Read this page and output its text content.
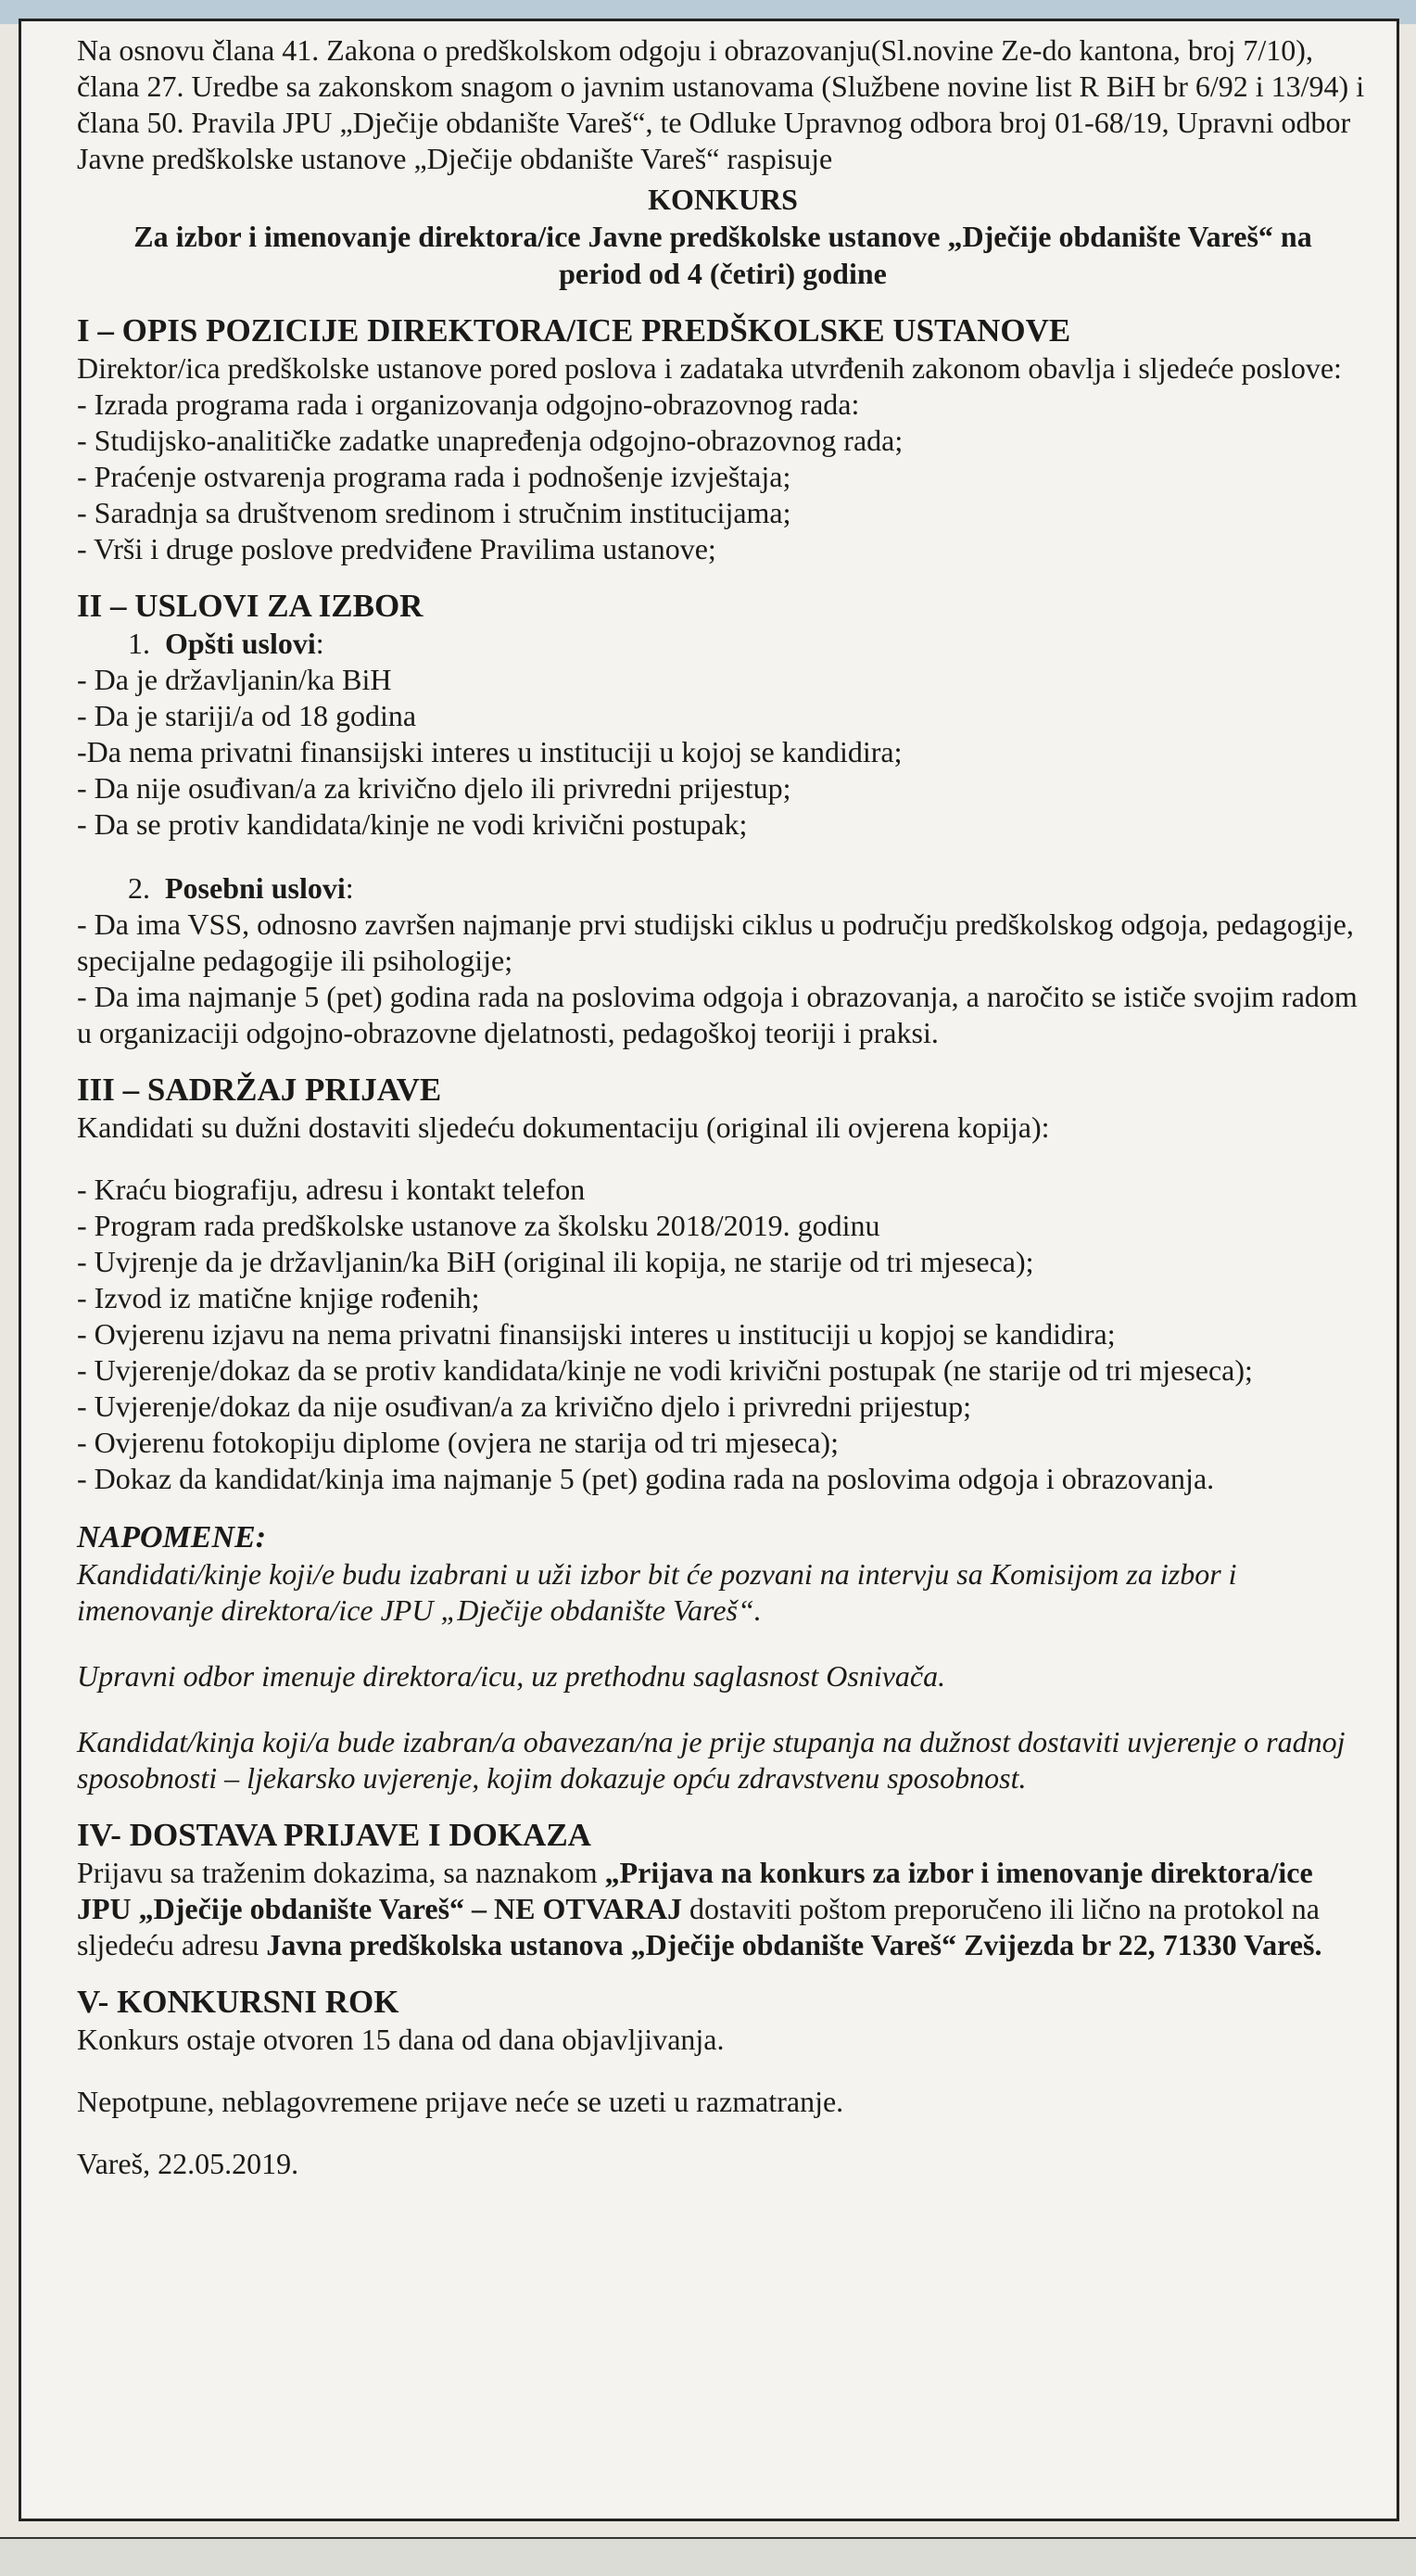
Na osnovu člana 41. Zakona o predškolskom odgoju i obrazovanju(Sl.novine Ze-do kantona, broj 7/10), člana 27. Uredbe sa zakonskom snagom o javnim ustanovama (Službene novine list R BiH br 6/92 i 13/94) i člana 50. Pravila JPU „Dječije obdanište Vareš“, te Odluke Upravnog odbora broj 01-68/19, Upravni odbor Javne predškolske ustanove „Dječije obdanište Vareš“ raspisuje

KONKURS

Za izbor i imenovanje direktora/ice Javne predškolske ustanove „Dječije obdanište Vareš“ na period od 4 (četiri) godine

I – OPIS POZICIJE DIREKTORA/ICE PREDŠKOLSKE USTANOVE

Direktor/ica predškolske ustanove pored poslova i zadataka utvrđenih zakonom obavlja i sljedeće poslove:

- Izrada programa rada i organizovanja odgojno-obrazovnog rada:

- Studijsko-analitičke zadatke unapređenja odgojno-obrazovnog rada;

- Praćenje ostvarenja programa rada i podnošenje izvještaja;

- Saradnja sa društvenom sredinom i stručnim institucijama;

- Vrši i druge poslove predviđene Pravilima ustanove;

II – USLOVI ZA IZBOR

1. Opšti uslovi:

- Da je državljanin/ka BiH

- Da je stariji/a od 18 godina

-Da nema privatni finansijski interes u instituciji u kojoj se kandidira;

- Da nije osuđivan/a za krivično djelo ili privredni prijestup;

- Da se protiv kandidata/kinje ne vodi krivični postupak;

2. Posebni uslovi:

- Da ima VSS, odnosno završen najmanje prvi studijski ciklus u području predškolskog odgoja, pedagogije, specijalne pedagogije ili psihologije;

- Da ima najmanje 5 (pet) godina rada na poslovima odgoja i obrazovanja, a naročito se ističe svojim radom u organizaciji odgojno-obrazovne djelatnosti, pedagoškoj teoriji i praksi.

III – SADRŽAJ PRIJAVE

Kandidati su dužni dostaviti sljedeću dokumentaciju (original ili ovjerena kopija):

- Kraću biografiju, adresu i kontakt telefon

- Program rada predškolske ustanove za školsku 2018/2019. godinu

- Uvjrenje da je državljanin/ka BiH (original ili kopija, ne starije od tri mjeseca);

- Izvod iz matične knjige rođenih;

- Ovjerenu izjavu na nema privatni finansijski interes u instituciji u kopjoj se kandidira;

- Uvjerenje/dokaz da se protiv kandidata/kinje ne vodi krivični postupak (ne starije od tri mjeseca);

- Uvjerenje/dokaz da nije osuđivan/a za krivično djelo i privredni prijestup;

- Ovjerenu fotokopiju diplome (ovjera ne starija od tri mjeseca);

- Dokaz da kandidat/kinja ima najmanje 5 (pet) godina rada na poslovima odgoja i obrazovanja.

NAPOMENE:

Kandidati/kinje koji/e budu izabrani u uži izbor bit će pozvani na intervju sa Komisijom za izbor i imenovanje direktora/ice JPU „Dječije obdanište Vareš“.

Upravni odbor imenuje direktora/icu, uz prethodnu saglasnost Osnivača.

Kandidat/kinja koji/a bude izabran/a obavezan/na je prije stupanja na dužnost dostaviti uvjerenje o radnoj sposobnosti – ljekarsko uvjerenje, kojim dokazuje opću zdravstvenu sposobnost.

IV- DOSTAVA PRIJAVE I DOKAZA

Prijavu sa traženim dokazima, sa naznakom „Prijava na konkurs za izbor i imenovanje direktora/ice JPU „Dječije obdanište Vareš“ – NE OTVARAJ dostaviti poštom preporučeno ili lično na protokol na sljedeću adresu Javna predškolska ustanova „Dječije obdanište Vareš“ Zvijezda br 22, 71330 Vareš.

V- KONKURSNI ROK

Konkurs ostaje otvoren 15 dana od dana objavljivanja.

Nepotpune, neblagovremene prijave neće se uzeti u razmatranje.

Vareš, 22.05.2019.
